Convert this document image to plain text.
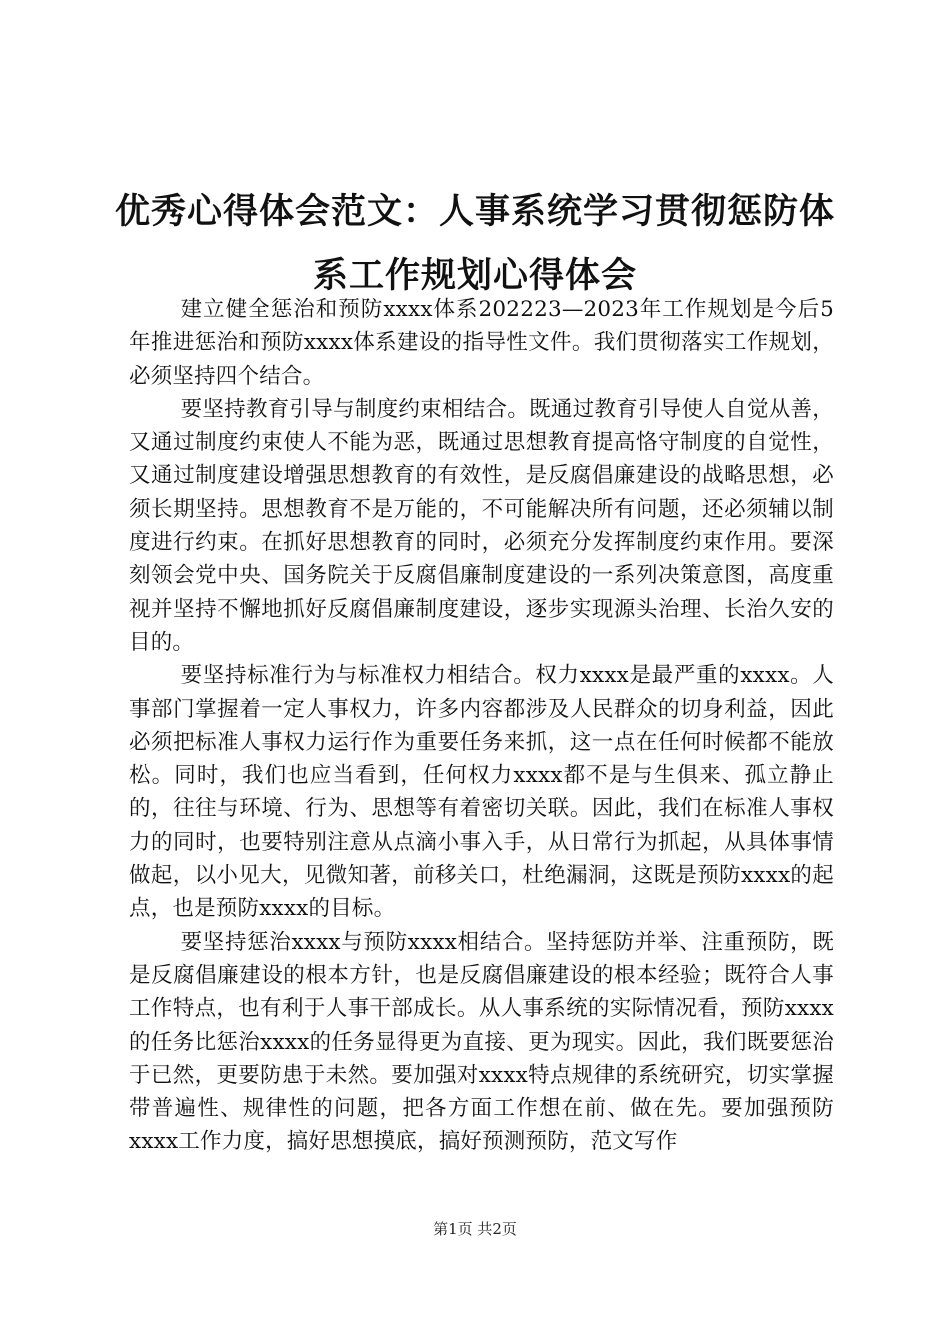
优秀心得体会范文：人事系统学习贯彻惩防体系工作规划心得体会

建立健全惩治和预防xxxx体系202223—2023年工作规划是今后5年推进惩治和预防xxxx体系建设的指导性文件。我们贯彻落实工作规划，必须坚持四个结合。

要坚持教育引导与制度约束相结合。既通过教育引导使人自觉从善，又通过制度约束使人不能为恶，既通过思想教育提高恪守制度的自觉性，又通过制度建设增强思想教育的有效性，是反腐倡廉建设的战略思想，必须长期坚持。思想教育不是万能的，不可能解决所有问题，还必须辅以制度进行约束。在抓好思想教育的同时，必须充分发挥制度约束作用。要深刻领会党中央、国务院关于反腐倡廉制度建设的一系列决策意图，高度重视并坚持不懈地抓好反腐倡廉制度建设，逐步实现源头治理、长治久安的目的。

要坚持标准行为与标准权力相结合。权力xxxx是最严重的xxxx。人事部门掌握着一定人事权力，许多内容都涉及人民群众的切身利益，因此必须把标准人事权力运行作为重要任务来抓，这一点在任何时候都不能放松。同时，我们也应当看到，任何权力xxxx都不是与生俱来、孤立静止的，往往与环境、行为、思想等有着密切关联。因此，我们在标准人事权力的同时，也要特别注意从点滴小事入手，从日常行为抓起，从具体事情做起，以小见大，见微知著，前移关口，杜绝漏洞，这既是预防xxxx的起点，也是预防xxxx的目标。

要坚持惩治xxxx与预防xxxx相结合。坚持惩防并举、注重预防，既是反腐倡廉建设的根本方针，也是反腐倡廉建设的根本经验；既符合人事工作特点，也有利于人事干部成长。从人事系统的实际情况看，预防xxxx的任务比惩治xxxx的任务显得更为直接、更为现实。因此，我们既要惩治于已然，更要防患于未然。要加强对xxxx特点规律的系统研究，切实掌握带普遍性、规律性的问题，把各方面工作想在前、做在先。要加强预防xxxx工作力度，搞好思想摸底，搞好预测预防，范文写作

第1页 共2页
